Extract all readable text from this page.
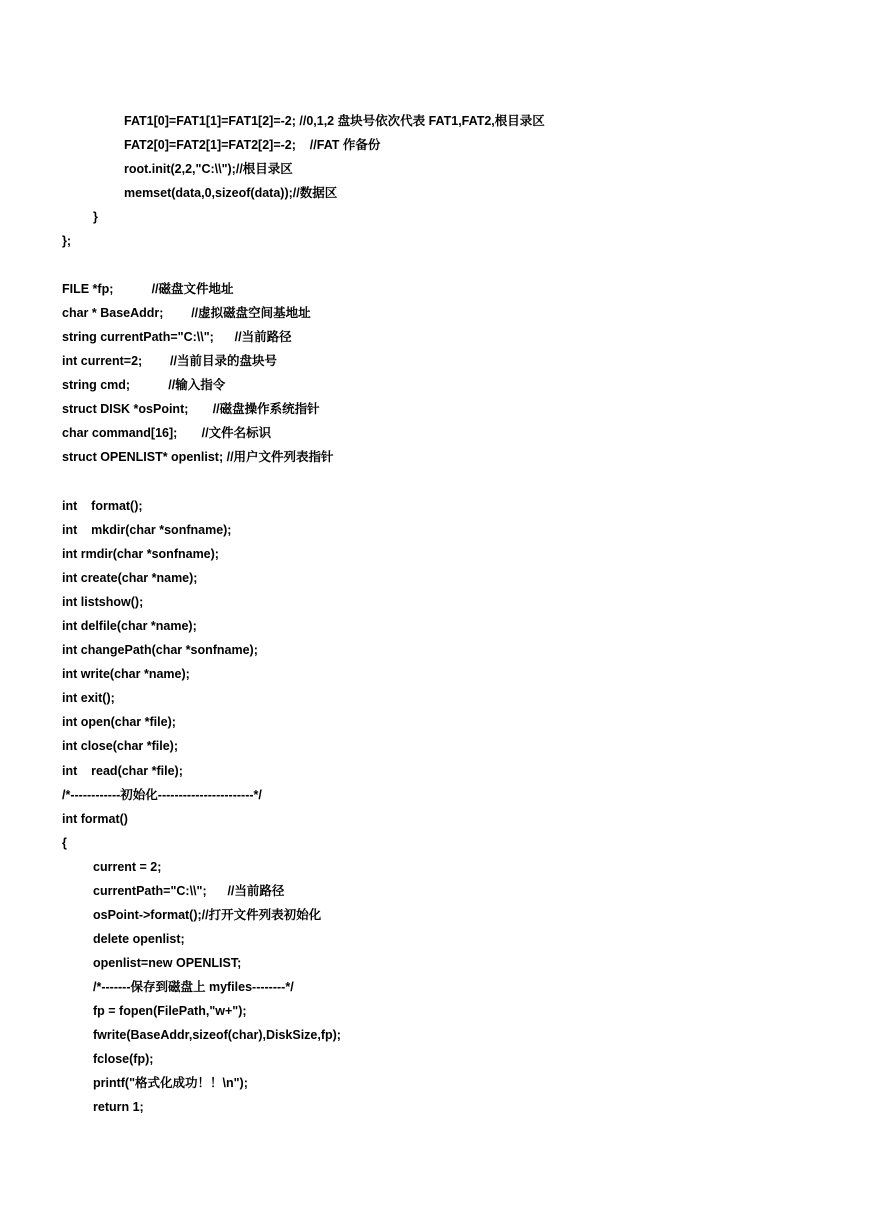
FAT1[0]=FAT1[1]=FAT1[2]=-2; //0,1,2 盘块号依次代表 FAT1,FAT2,根目录区
FAT2[0]=FAT2[1]=FAT2[2]=-2;    //FAT 作备份
root.init(2,2,"C:\\");//根目录区
memset(data,0,sizeof(data));//数据区
}
};
FILE *fp;           //磁盘文件地址
char * BaseAddr;        //虚拟磁盘空间基地址
string currentPath="C:\\";      //当前路径
int current=2;        //当前目录的盘块号
string cmd;           //输入指令
struct DISK *osPoint;       //磁盘操作系统指针
char command[16];       //文件名标识
struct OPENLIST* openlist; //用户文件列表指针
int    format();
int    mkdir(char *sonfname);
int rmdir(char *sonfname);
int create(char *name);
int listshow();
int delfile(char *name);
int changePath(char *sonfname);
int write(char *name);
int exit();
int open(char *file);
int close(char *file);
int    read(char *file);
/*------------初始化-----------------------*/
int format()
{
current = 2;
currentPath="C:\\";      //当前路径
osPoint->format();//打开文件列表初始化
delete openlist;
openlist=new OPENLIST;
/*-------保存到磁盘上 myfiles--------*/
fp = fopen(FilePath,"w+");
fwrite(BaseAddr,sizeof(char),DiskSize,fp);
fclose(fp);
printf("格式化成功！！\n");
return 1;
